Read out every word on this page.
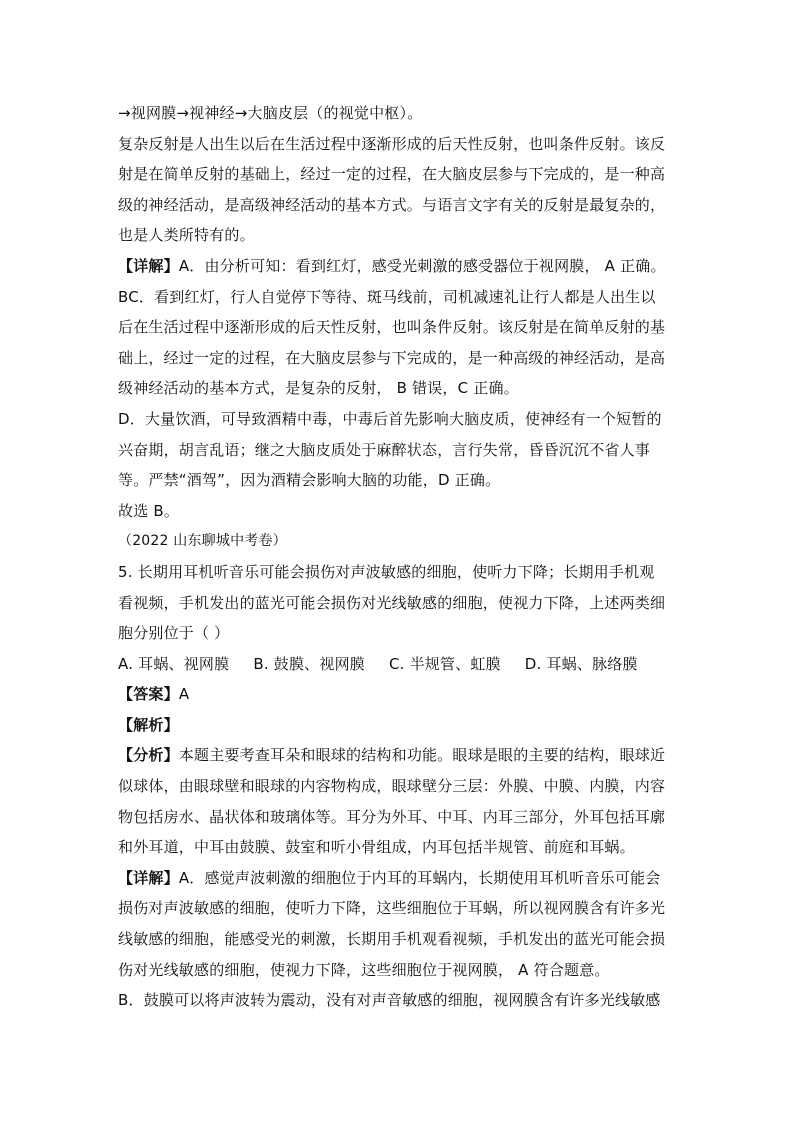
→视网膜→视神经→大脑皮层（的视觉中枢）。

复杂反射是人出生以后在生活过程中逐渐形成的后天性反射，也叫条件反射。该反

射是在简单反射的基础上，经过一定的过程，在大脑皮层参与下完成的，是一种高

级的神经活动，是高级神经活动的基本方式。与语言文字有关的反射是最复杂的，

也是人类所特有的。

【详解】A．由分析可知：看到红灯，感受光刺激的感受器位于视网膜， A 正确。

BC．看到红灯，行人自觉停下等待、斑马线前，司机减速礼让行人都是人出生以

后在生活过程中逐渐形成的后天性反射，也叫条件反射。该反射是在简单反射的基

础上，经过一定的过程，在大脑皮层参与下完成的，是一种高级的神经活动，是高

级神经活动的基本方式，是复杂的反射， B 错误，C 正确。

D．大量饮酒，可导致酒精中毒，中毒后首先影响大脑皮质，使神经有一个短暂的

兴奋期，胡言乱语；继之大脑皮质处于麻醉状态，言行失常，昏昏沉沉不省人事

等。严禁“酒驾”，因为酒精会影响大脑的功能，D 正确。

故选 B。

（2022 山东聊城中考卷）

5. 长期用耳机听音乐可能会损伤对声波敏感的细胞，使听力下降；长期用手机观

看视频，手机发出的蓝光可能会损伤对光线敏感的细胞，使视力下降，上述两类细

胞分别位于（ ）

A. 耳蜗、视网膜 B. 鼓膜、视网膜 C. 半规管、虹膜 D. 耳蜗、脉络膜

【答案】A

【解析】

【分析】本题主要考查耳朵和眼球的结构和功能。眼球是眼的主要的结构，眼球近

似球体，由眼球壁和眼球的内容物构成，眼球壁分三层：外膜、中膜、内膜，内容

物包括房水、晶状体和玻璃体等。耳分为外耳、中耳、内耳三部分，外耳包括耳廓

和外耳道，中耳由鼓膜、鼓室和听小骨组成，内耳包括半规管、前庭和耳蜗。

【详解】A．感觉声波刺激的细胞位于内耳的耳蜗内，长期使用耳机听音乐可能会

损伤对声波敏感的细胞，使听力下降，这些细胞位于耳蜗，所以视网膜含有许多光

线敏感的细胞，能感受光的刺激，长期用手机观看视频，手机发出的蓝光可能会损

伤对光线敏感的细胞，使视力下降，这些细胞位于视网膜， A 符合题意。

B．鼓膜可以将声波转为震动，没有对声音敏感的细胞，视网膜含有许多光线敏感
